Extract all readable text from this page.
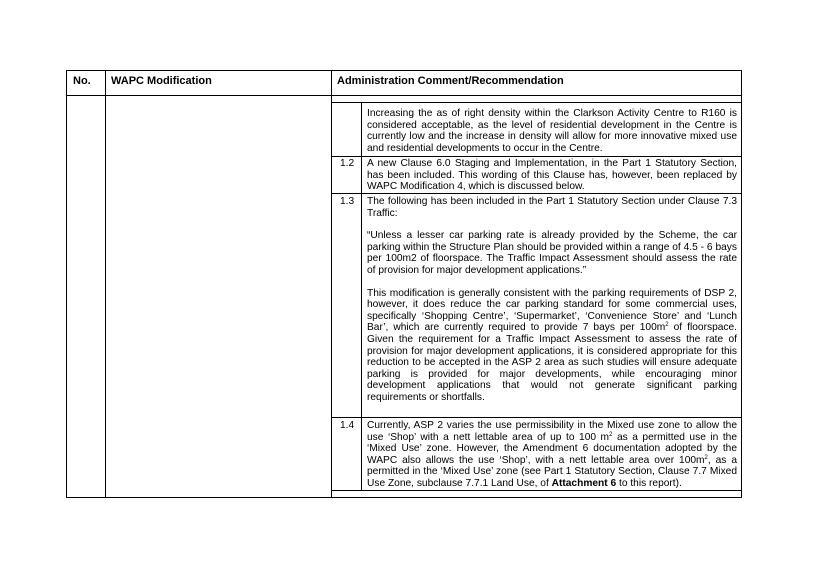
No. WAPC Modification	Administration Comment/Recommendation
Increasing the as of right density within the Clarkson Activity Centre to R160 is considered acceptable, as the level of residential development in the Centre is currently low and the increase in density will allow for more innovative mixed use and residential developments to occur in the Centre.
1.2	A new Clause 6.0 Staging and Implementation, in the Part 1 Statutory Section, has been included. This wording of this Clause has, however, been replaced by WAPC Modification 4, which is discussed below.
1.3	The following has been included in the Part 1 Statutory Section under Clause 7.3 Traffic:

“Unless a lesser car parking rate is already provided by the Scheme, the car parking within the Structure Plan should be provided within a range of 4.5 - 6 bays per 100m2 of floorspace. The Traffic Impact Assessment should assess the rate of provision for major development applications.”

This modification is generally consistent with the parking requirements of DSP 2, however, it does reduce the car parking standard for some commercial uses, specifically ‘Shopping Centre’, ‘Supermarket’, ‘Convenience Store’ and ‘Lunch Bar’, which are currently required to provide 7 bays per $100m^2$ of floorspace. Given the requirement for a Traffic Impact Assessment to assess the rate of provision for major development applications, it is considered appropriate for this reduction to be accepted in the ASP 2 area as such studies will ensure adequate parking is provided for major developments, while encouraging minor development applications that would not generate significant parking requirements or shortfalls.

1.4	Currently, ASP 2 varies the use permissibility in the Mixed use zone to allow the use ‘Shop’ with a nett lettable area of up to 100 $m^2$ as a permitted use in the ‘Mixed Use’ zone. However, the Amendment 6 documentation adopted by the WAPC also allows the use ‘Shop’, with a nett lettable area over $100m^2$, as a permitted in the ‘Mixed Use’ zone (see Part 1 Statutory Section, Clause 7.7 Mixed Use Zone, subclause 7.7.1 Land Use, of Attachment 6 to this report).
